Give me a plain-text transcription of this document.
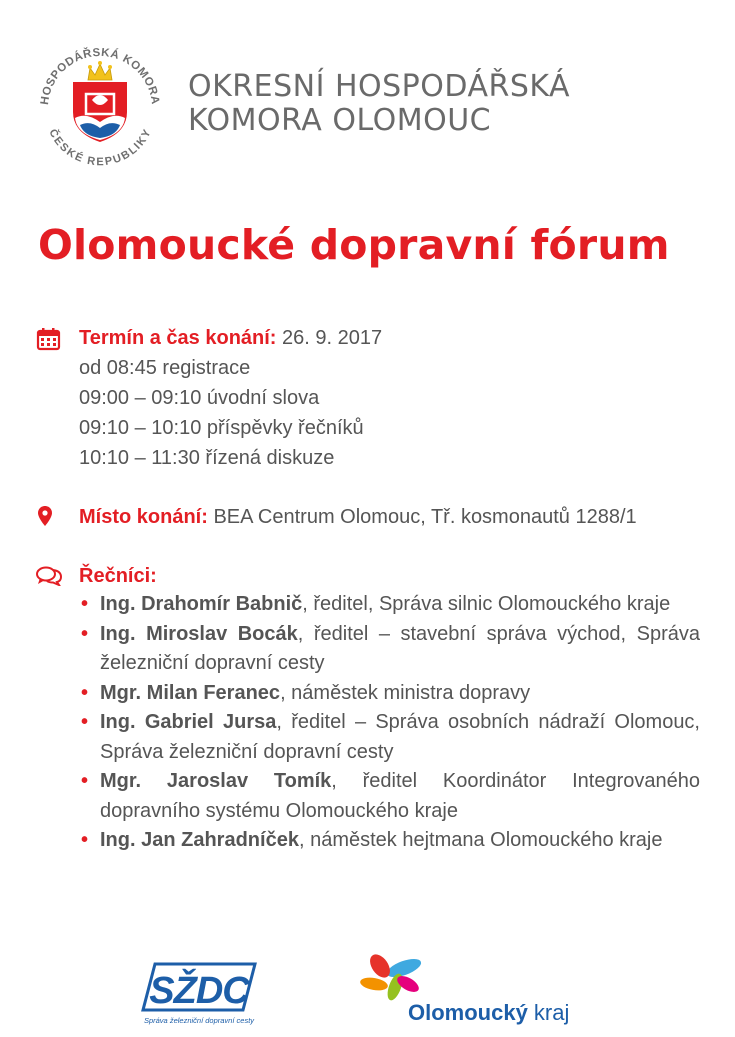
HOSPODÁŘSKÁ KOMORA
ČESKÉ REPUBLIKY
OKRESNÍ HOSPODÁŘSKÁ
KOMORA OLOMOUC
Olomoucké dopravní fórum
Termín a čas konání: 26. 9. 2017
od 08:45 registrace
09:00 – 09:10 úvodní slova
09:10 – 10:10 příspěvky řečníků
10:10 – 11:30 řízená diskuze
Místo konání: BEA Centrum Olomouc, Tř. kosmonautů 1288/1
Řečníci:
• Ing. Drahomír Babnič, ředitel, Správa silnic Olomouckého kraje
• Ing. Miroslav Bocák, ředitel – stavební správa východ, Správa železniční dopravní cesty
• Mgr. Milan Feranec, náměstek ministra dopravy
• Ing. Gabriel Jursa, ředitel – Správa osobních nádraží Olomouc, Správa železniční dopravní cesty
• Mgr. Jaroslav Tomík, ředitel Koordinátor Integrovaného dopravního systému Olomouckého kraje
• Ing. Jan Zahradníček, náměstek hejtmana Olomouckého kraje
SŽDC
Správa železniční dopravní cesty	Olomoucký kraj
